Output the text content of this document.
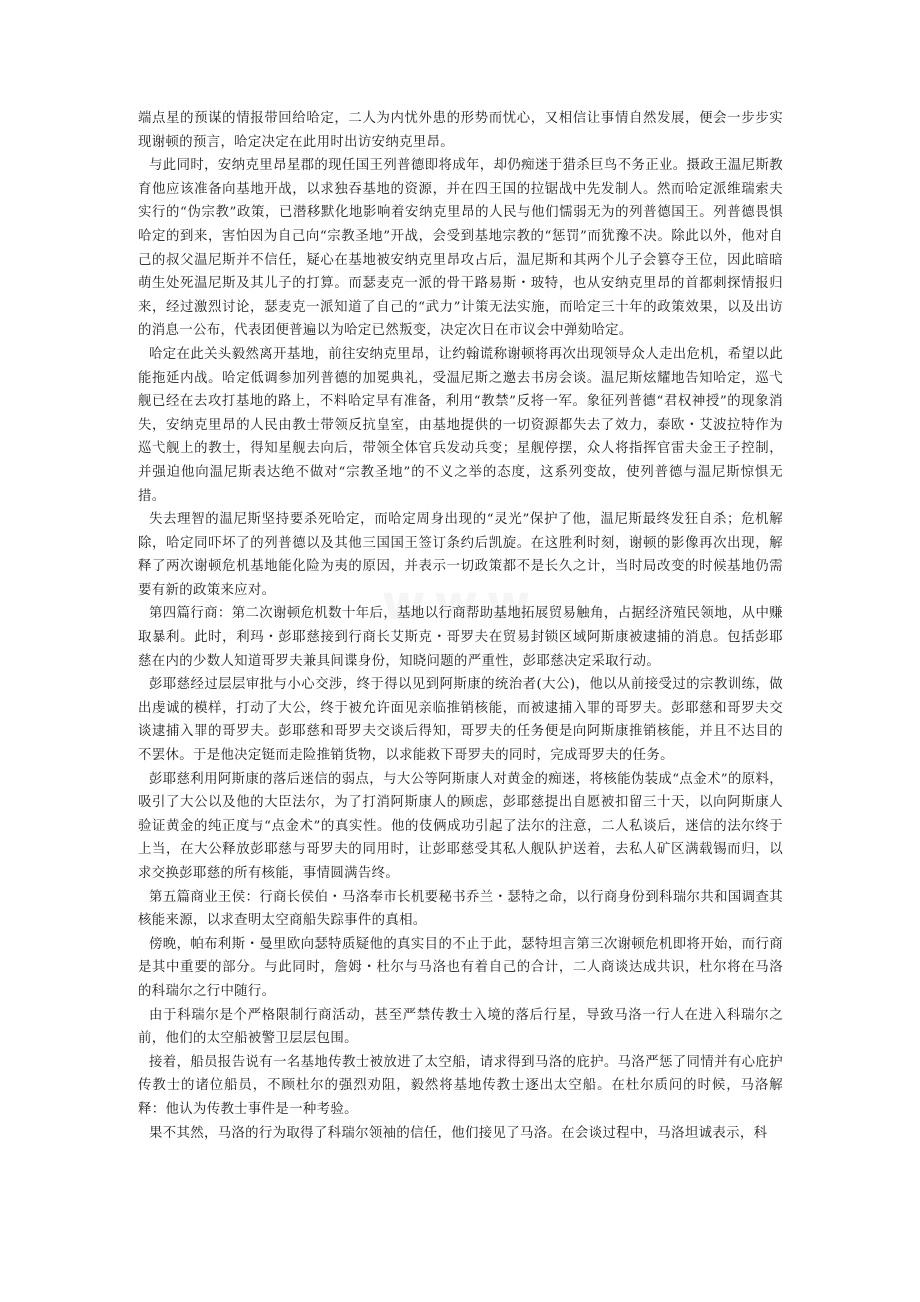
端点星的预谋的情报带回给哈定，二人为内忧外患的形势而忧心，又相信让事情自然发展，便会一步步实现谢顿的预言，哈定决定在此用时出访安纳克里昂。

与此同时，安纳克里昂星郡的现任国王列普德即将成年，却仍痴迷于猎杀巨鸟不务正业。摄政王温尼斯教育他应该准备向基地开战，以求独吞基地的资源，并在四王国的拉锯战中先发制人。然而哈定派维瑞索夫实行的“伪宗教”政策，已潜移默化地影响着安纳克里昂的人民与他们懦弱无为的列普德国王。列普德畏惧哈定的到来，害怕因为自己向“宗教圣地”开战，会受到基地宗教的“惩罚”而犹豫不决。除此以外，他对自己的叔父温尼斯并不信任，疑心在基地被安纳克里昂攻占后，温尼斯和其两个儿子会篡夺王位，因此暗暗萌生处死温尼斯及其儿子的打算。而瑟麦克一派的骨干路易斯・玻特，也从安纳克里昂的首都刺探情报归来，经过激烈讨论，瑟麦克一派知道了自己的“武力”计策无法实施，而哈定三十年的政策效果，以及出访的消息一公布，代表团便普遍以为哈定已然叛变，决定次日在市议会中弹劾哈定。

哈定在此关头毅然离开基地，前往安纳克里昂，让约翰谎称谢顿将再次出现领导众人走出危机，希望以此能拖延内战。哈定低调参加列普德的加冕典礼，受温尼斯之邀去书房会谈。温尼斯炫耀地告知哈定，巡弋舰已经在去攻打基地的路上，不料哈定早有准备，利用“教禁”反将一军。象征列普德“君权神授”的现象消失，安纳克里昂的人民由教士带领反抗皇室，由基地提供的一切资源都失去了效力，泰欧・艾波拉特作为巡弋舰上的教士，得知星舰去向后，带领全体官兵发动兵变；星舰停摆，众人将指挥官雷夫金王子控制，并强迫他向温尼斯表达绝不做对“宗教圣地”的不义之举的态度，这系列变故，使列普德与温尼斯惊惧无措。

失去理智的温尼斯坚持要杀死哈定，而哈定周身出现的“灵光”保护了他，温尼斯最终发狂自杀；危机解除，哈定同吓坏了的列普德以及其他三国国王签订条约后凯旋。在这胜利时刻，谢顿的影像再次出现，解释了两次谢顿危机基地能化险为夷的原因，并表示一切政策都不是长久之计，当时局改变的时候基地仍需要有新的政策来应对。

第四篇行商：第二次谢顿危机数十年后，基地以行商帮助基地拓展贸易触角，占据经济殖民领地，从中赚取暴利。此时，利玛・彭耶慈接到行商长艾斯克・哥罗夫在贸易封锁区域阿斯康被逮捕的消息。包括彭耶慈在内的少数人知道哥罗夫兼具间谍身份，知晓问题的严重性，彭耶慈决定采取行动。

彭耶慈经过层层审批与小心交涉，终于得以见到阿斯康的统治者(大公)，他以从前接受过的宗教训练，做出虔诚的模样，打动了大公，终于被允许面见亲临推销核能，而被逮捕入罪的哥罗夫。彭耶慈和哥罗夫交谈逮捕入罪的哥罗夫。彭耶慈和哥罗夫交谈后得知，哥罗夫的任务便是向阿斯康推销核能，并且不达目的不罢休。于是他决定铤而走险推销货物，以求能救下哥罗夫的同时，完成哥罗夫的任务。

彭耶慈利用阿斯康的落后迷信的弱点，与大公等阿斯康人对黄金的痴迷，将核能伪装成“点金术”的原料，吸引了大公以及他的大臣法尔，为了打消阿斯康人的顾虑，彭耶慈提出自愿被扣留三十天，以向阿斯康人验证黄金的纯正度与“点金术”的真实性。他的伎俩成功引起了法尔的注意，二人私谈后，迷信的法尔终于上当，在大公释放彭耶慈与哥罗夫的同用时，让彭耶慈受其私人舰队护送着，去私人矿区满载锡而归，以求交换彭耶慈的所有核能，事情圆满告终。

第五篇商业王侯：行商长侯伯・马洛奉市长机要秘书乔兰・瑟特之命，以行商身份到科瑞尔共和国调查其核能来源，以求查明太空商船失踪事件的真相。

傍晚，帕布利斯・曼里欧向瑟特质疑他的真实目的不止于此，瑟特坦言第三次谢顿危机即将开始，而行商是其中重要的部分。与此同时，詹姆・杜尔与马洛也有着自己的合计，二人商谈达成共识，杜尔将在马洛的科瑞尔之行中随行。

由于科瑞尔是个严格限制行商活动，甚至严禁传教士入境的落后行星，导致马洛一行人在进入科瑞尔之前，他们的太空船被警卫层层包围。

接着，船员报告说有一名基地传教士被放进了太空船，请求得到马洛的庇护。马洛严惩了同情并有心庇护传教士的诸位船员，不顾杜尔的强烈劝阻，毅然将基地传教士逐出太空船。在杜尔质问的时候，马洛解释：他认为传教士事件是一种考验。

果不其然，马洛的行为取得了科瑞尔领袖的信任，他们接见了马洛。在会谈过程中，马洛坦诚表示，科
